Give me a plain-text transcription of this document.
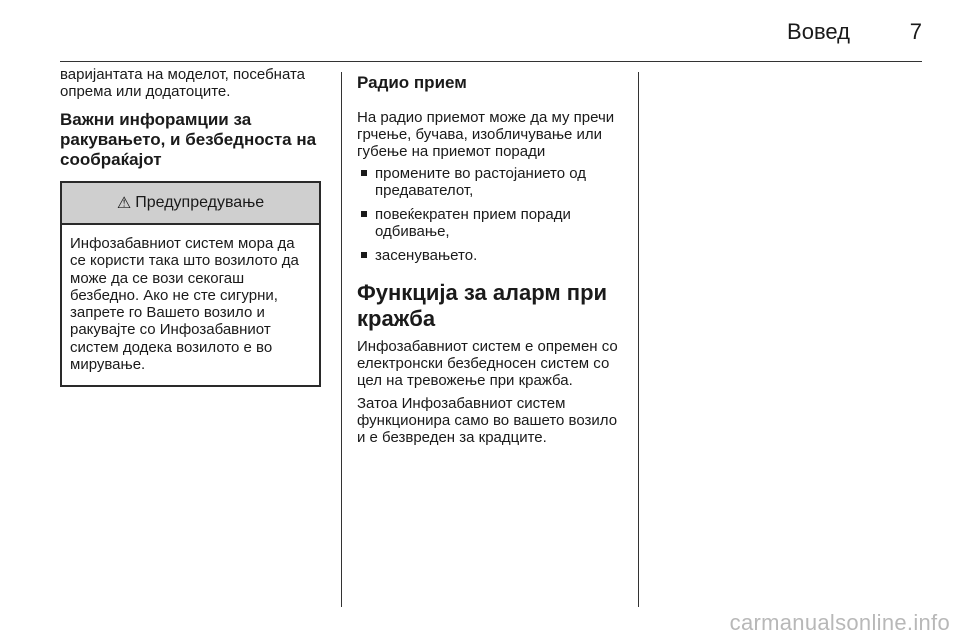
Вовед	7

варијантата на моделот, посебната опрема или додатоците.

Важни инфорамции за ракувањето, и безбедноста на сообраќајот

⚠ Предупредување
Инфозабавниот систем мора да се користи така што возилото да може да се вози секогаш безбедно. Ако не сте сигурни, запрете го Вашето возило и ракувајте со Инфозабавниот систем додека возилото е во мирување.

Радио прием

На радио приемот може да му пречи грчење, бучава, изобличување или губење на приемот поради

промените во растојанието од предавателот,
повеќекратен прием поради одбивање,
засенувањето.

Функција за аларм при кражба

Инфозабавниот систем е опремен со електронски безбедносен систем со цел на тревожење при кражба.

Затоа Инфозабавниот систем функционира само во вашето возило и е безвреден за крадците.

carmanualsonline.info
